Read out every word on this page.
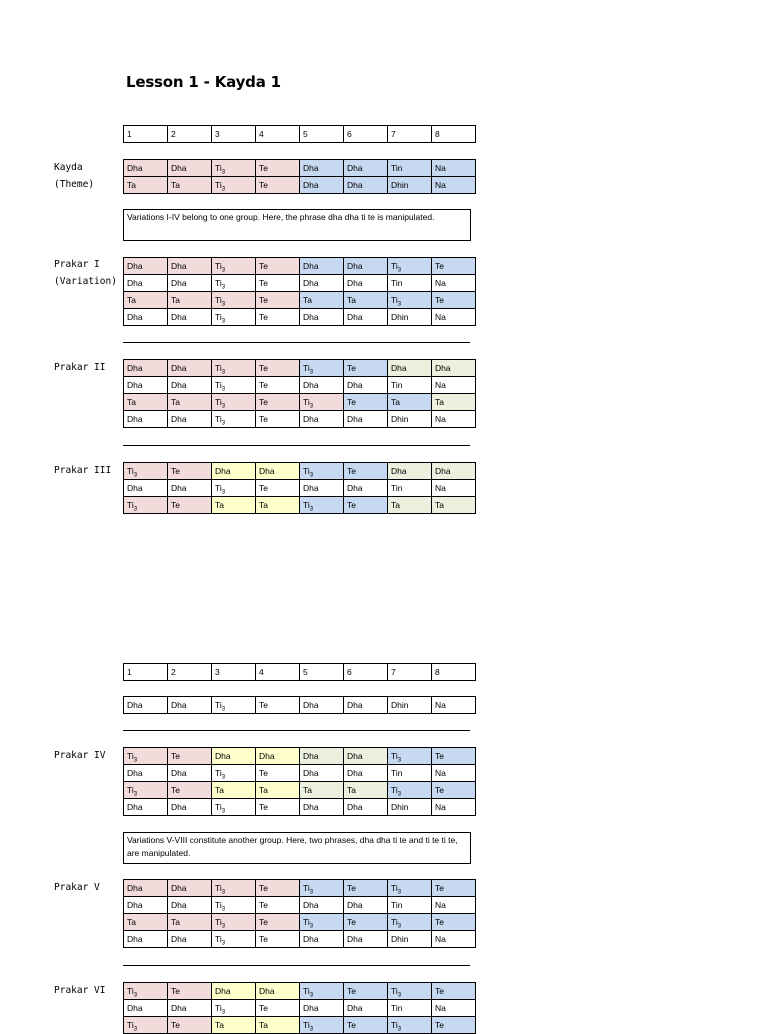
Lesson 1 - Kayda 1
1	2	3	4	5	6	7	8
Kayda
(Theme)
Dha	Dha	$Ti_3$	Te	Dha	Dha	Tin	Na
Ta	Ta	$Ti_3$	Te	Dha	Dha	Dhin	Na
Variations I-IV belong to one group. Here, the phrase dha dha ti te is manipulated.
Prakar I
(Variation)
Dha	Dha	$Ti_3$	Te	Dha	Dha	$Ti_3$	Te
Dha	Dha	$Ti_3$	Te	Dha	Dha	Tin	Na
Ta	Ta	$Ti_3$	Te	Ta	Ta	$Ti_3$	Te
Dha	Dha	$Ti_3$	Te	Dha	Dha	Dhin	Na
Prakar II	Dha	Dha	$Ti_3$	Te	$Ti_3$	Te	Dha	Dha
Dha	Dha	$Ti_3$	Te	Dha	Dha	Tin	Na
Ta	Ta	$Ti_3$	Te	$Ti_3$	Te	Ta	Ta
Dha	Dha	$Ti_3$	Te	Dha	Dha	Dhin	Na
Prakar III $Ti_3$	Te	Dha	Dha	$Ti_3$	Te	Dha	Dha
Dha	Dha	$Ti_3$	Te	Dha	Dha	Tin	Na
$Ti_3$	Te	Ta	Ta	$Ti_3$	Te	Ta	Ta
1	2	3	4	5	6	7	8
Dha	Dha	$Ti_3$	Te	Dha	Dha	Dhin	Na
Prakar IV	$Ti_3$	Te	Dha	Dha	Dha	Dha	$Ti_3$	Te
Dha	Dha	$Ti_3$	Te	Dha	Dha	Tin	Na
$Ti_3$	Te	Ta	Ta	Ta	Ta	$Ti_3$	Te
Dha	Dha	$Ti_3$	Te	Dha	Dha	Dhin	Na
Variations V-VIII constitute another group. Here, two phrases, dha dha ti te and ti te ti te, are manipulated.
Prakar V	Dha	Dha	$Ti_3$	Te	$Ti_3$	Te	$Ti_3$	Te
Dha	Dha	$Ti_3$	Te	Dha	Dha	Tin	Na
Ta	Ta	$Ti_3$	Te	$Ti_3$	Te	$Ti_3$	Te
Dha	Dha	$Ti_3$	Te	Dha	Dha	Dhin	Na
Prakar VI	$Ti_3$	Te	Dha	Dha	$Ti_3$	Te	$Ti_3$	Te
Dha	Dha	$Ti_3$	Te	Dha	Dha	Tin	Na
$Ti_3$	Te	Ta	Ta	$Ti_3$	Te	$Ti_3$	Te
